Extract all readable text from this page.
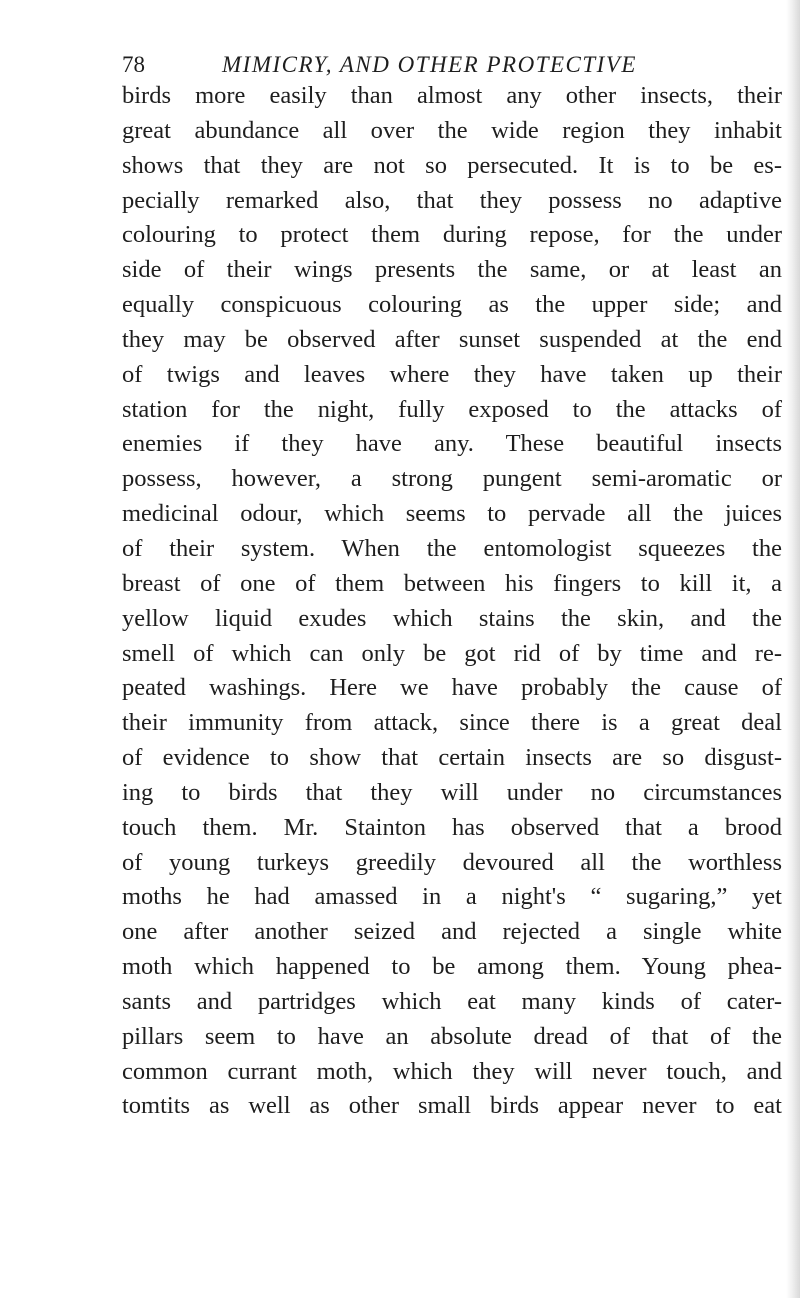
78	MIMICRY, AND OTHER PROTECTIVE
birds more easily than almost any other insects, their
great abundance all over the wide region they inhabit
shows that they are not so persecuted. It is to be es-
pecially remarked also, that they possess no adaptive
colouring to protect them during repose, for the under
side of their wings presents the same, or at least an
equally conspicuous colouring as the upper side; and
they may be observed after sunset suspended at the end
of twigs and leaves where they have taken up their
station for the night, fully exposed to the attacks of
enemies if they have any. These beautiful insects
possess, however, a strong pungent semi-aromatic or
medicinal odour, which seems to pervade all the juices
of their system. When the entomologist squeezes the
breast of one of them between his fingers to kill it, a
yellow liquid exudes which stains the skin, and the
smell of which can only be got rid of by time and re-
peated washings. Here we have probably the cause of
their immunity from attack, since there is a great deal
of evidence to show that certain insects are so disgust-
ing to birds that they will under no circumstances
touch them. Mr. Stainton has observed that a brood
of young turkeys greedily devoured all the worthless
moths he had amassed in a night's “ sugaring,” yet
one after another seized and rejected a single white
moth which happened to be among them. Young phea-
sants and partridges which eat many kinds of cater-
pillars seem to have an absolute dread of that of the
common currant moth, which they will never touch, and
tomtits as well as other small birds appear never to eat
